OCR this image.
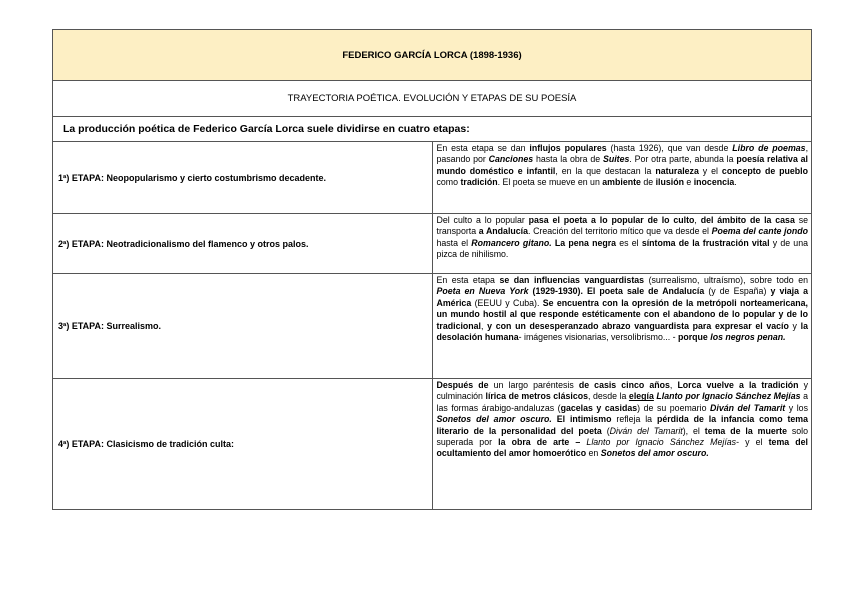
FEDERICO GARCÍA LORCA (1898-1936)	
TRAYECTORIA POÉTICA. EVOLUCIÓN Y ETAPAS DE SU POESÍA	
La producción poética de Federico García Lorca suele dividirse en cuatro etapas:	
1ª) ETAPA: Neopopularismo y cierto costumbrismo decadente.	En esta etapa se dan influjos populares (hasta 1926), que van desde Libro de poemas, pasando por Canciones hasta la obra de Suites. Por otra parte, abunda la poesía relativa al mundo doméstico e infantil, en la que destacan la naturaleza y el concepto de pueblo como tradición. El poeta se mueve en un ambiente de ilusión e inocencia.
2ª) ETAPA: Neotradicionalismo del flamenco y otros palos.	Del culto a lo popular pasa el poeta a lo popular de lo culto, del ámbito de la casa se transporta a Andalucía. Creación del territorio mítico que va desde el Poema del cante jondo hasta el Romancero gitano. La pena negra es el síntoma de la frustración vital y de una pizca de nihilismo.
3ª) ETAPA: Surrealismo.	En esta etapa se dan influencias vanguardistas (surrealismo, ultraísmo), sobre todo en Poeta en Nueva York (1929-1930). El poeta sale de Andalucía (y de España) y viaja a América (EEUU y Cuba). Se encuentra con la opresión de la metrópoli norteamericana, un mundo hostil al que responde estéticamente con el abandono de lo popular y de lo tradicional, y con un desesperanzado abrazo vanguardista para expresar el vacío y la desolación humana- imágenes visionarias, versolibrismo... - porque los negros penan.
4ª) ETAPA: Clasicismo de tradición culta:	Después de un largo paréntesis de casis cinco años, Lorca vuelve a la tradición y culminación lírica de metros clásicos, desde la elegía Llanto por Ignacio Sánchez Mejías a las formas árabigo-andaluzas (gacelas y casidas) de su poemario Diván del Tamarit y los Sonetos del amor oscuro. El intimismo refleja la pérdida de la infancia como tema literario de la personalidad del poeta (Diván del Tamarit), el tema de la muerte solo superada por la obra de arte – Llanto por Ignacio Sánchez Mejías- y el tema del ocultamiento del amor homoerótico en Sonetos del amor oscuro.
